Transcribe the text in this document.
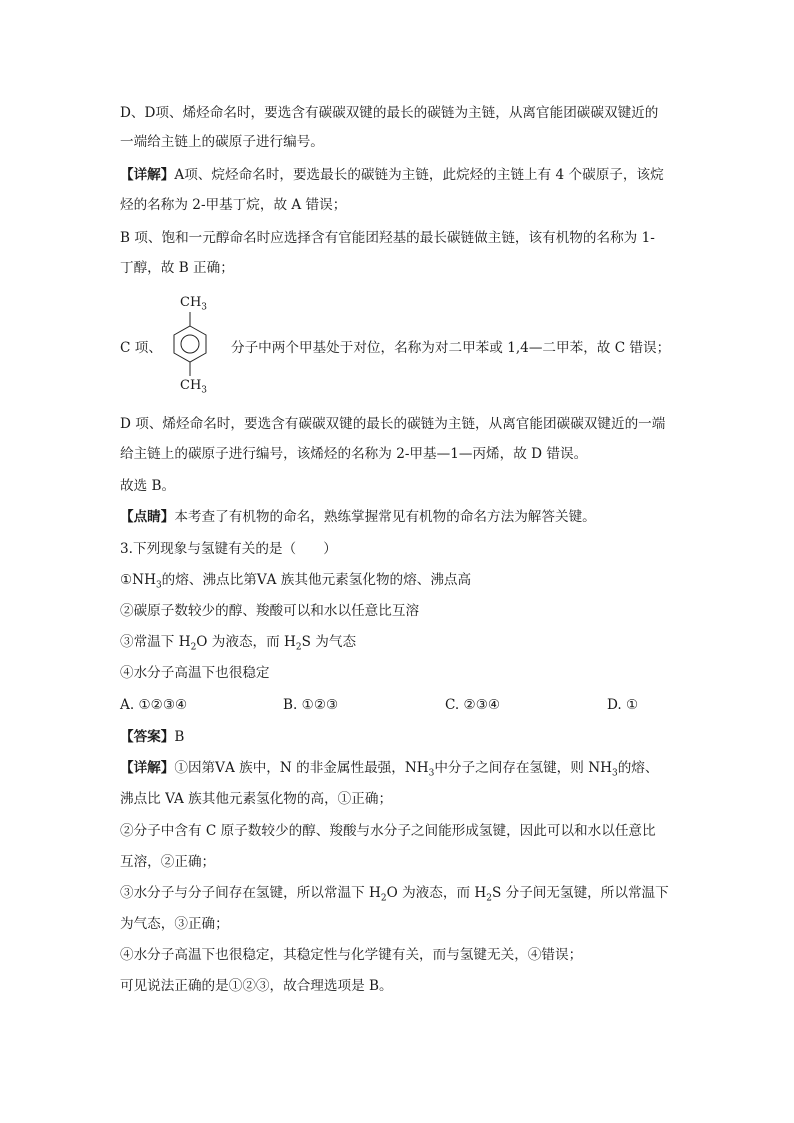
D、D项、烯烃命名时，要选含有碳碳双键的最长的碳链为主链，从离官能团碳碳双键近的

一端给主链上的碳原子进行编号。

【详解】A项、烷烃命名时，要选最长的碳链为主链，此烷烃的主链上有 4 个碳原子，该烷

烃的名称为 2-甲基丁烷，故 A 错误；

B 项、饱和一元醇命名时应选择含有官能团羟基的最长碳链做主链，该有机物的名称为 1-

丁醇，故 B 正确；

C 项、
$CH_3$
$CH_3$
分子中两个甲基处于对位，名称为对二甲苯或 1,4—二甲苯，故 C 错误；

D 项、烯烃命名时，要选含有碳碳双键的最长的碳链为主链，从离官能团碳碳双键近的一端

给主链上的碳原子进行编号，该烯烃的名称为 2-甲基—1—丙烯，故 D 错误。

故选 B。

【点睛】本考查了有机物的命名，熟练掌握常见有机物的命名方法为解答关键。

3.下列现象与氢键有关的是（　　）

$①NH_3$的熔、沸点比第ⅤA 族其他元素氢化物的熔、沸点高

②碳原子数较少的醇、羧酸可以和水以任意比互溶

③常温下 $H_2O$ 为液态，而 $H_2S$ 为气态

④水分子高温下也很稳定

A. ①②③④	B. ①②③	C. ②③④	D. ①

【答案】B

【详解】①因第ⅤA 族中，N 的非金属性最强，$NH_3$中分子之间存在氢键，则 $NH_3$的熔、

沸点比 VA 族其他元素氢化物的高，①正确；

②分子中含有 C 原子数较少的醇、羧酸与水分子之间能形成氢键，因此可以和水以任意比

互溶，②正确；

③水分子与分子间存在氢键，所以常温下 $H_2O$ 为液态，而 $H_2S$ 分子间无氢键，所以常温下

为气态，③正确；

④水分子高温下也很稳定，其稳定性与化学键有关，而与氢键无关，④错误；

可见说法正确的是①②③，故合理选项是 B。
